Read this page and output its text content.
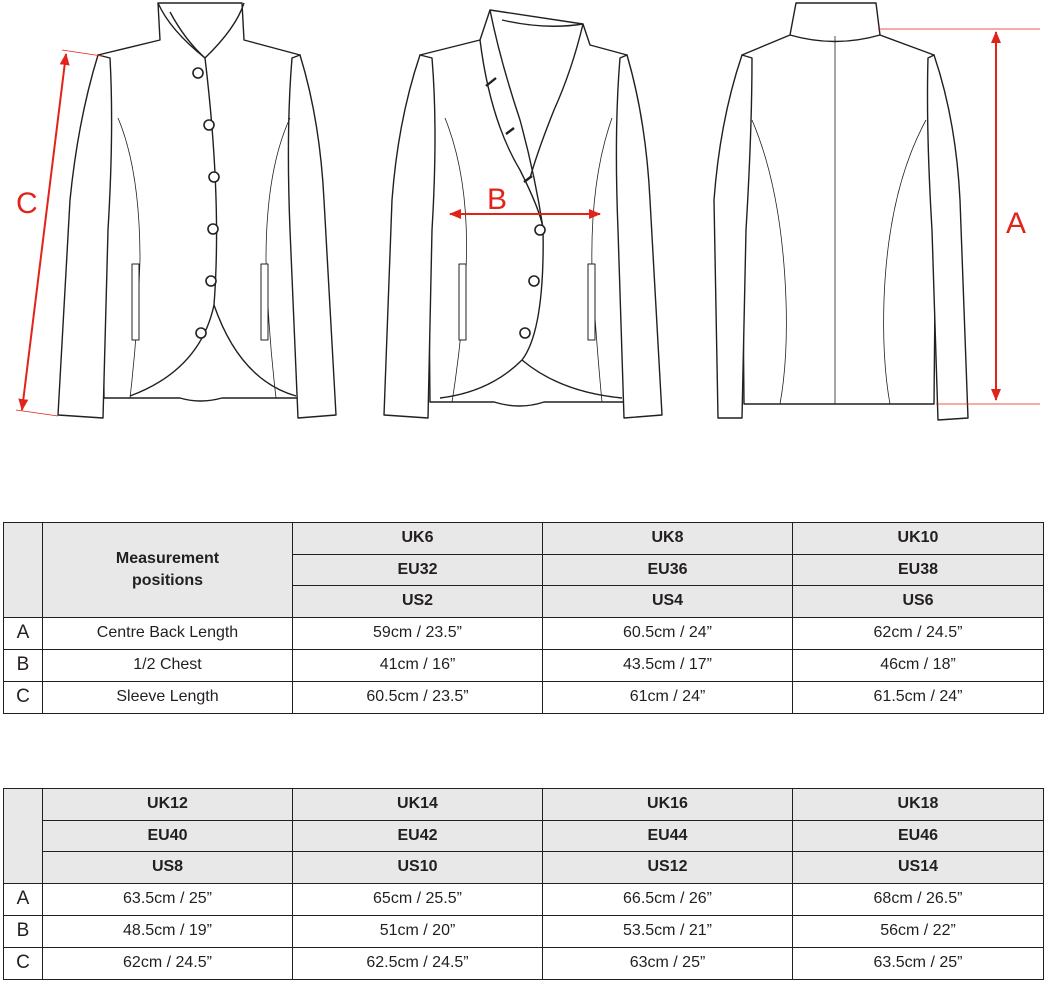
C	B
A
	Measurement positions	UK6	UK8	UK10
		EU32	EU36	EU38
		US2	US4	US6
A	Centre Back Length	59cm / 23.5”	60.5cm / 24”	62cm / 24.5”
B	1/2 Chest	41cm / 16”	43.5cm / 17”	46cm / 18”
C	Sleeve Length	60.5cm / 23.5”	61cm / 24”	61.5cm / 24”
	UK12	UK14	UK16	UK18
	EU40	EU42	EU44	EU46
	US8	US10	US12	US14
A	63.5cm / 25”	65cm / 25.5”	66.5cm / 26”	68cm / 26.5”
B	48.5cm / 19”	51cm / 20”	53.5cm / 21”	56cm / 22”
C	62cm / 24.5”	62.5cm / 24.5”	63cm / 25”	63.5cm / 25”
